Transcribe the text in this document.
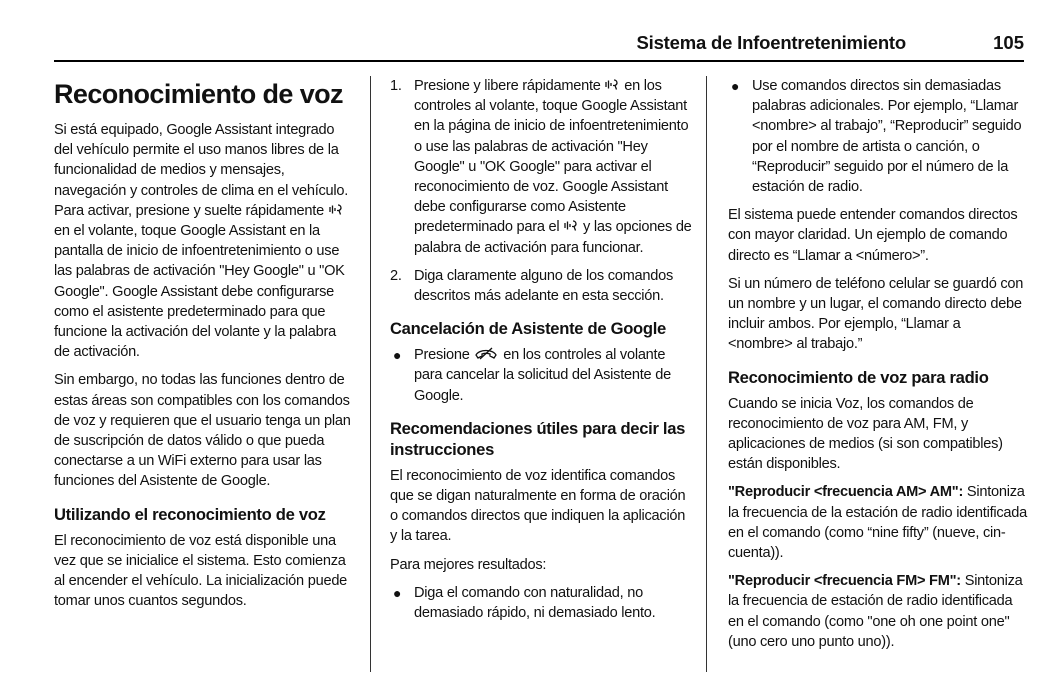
Sistema de Infoentretenimiento	105
Reconocimiento de voz

Si está equipado, Google Assistant integrado del vehículo permite el uso manos libres de la funcionalidad de medios y mensajes, navegación y controles de clima en el vehículo. Para activar, presione y suelte rápidamente  en el volante, toque Google Assistant en la pantalla de inicio de infoentretenimiento o use las palabras de activación "Hey Google" u "OK Google". Google Assistant debe configurarse como el asistente predeterminado para que funcione la activación del volante y la palabra de activación.

Sin embargo, no todas las funciones dentro de estas áreas son compatibles con los comandos de voz y requieren que el usuario tenga un plan de suscripción de datos válido o que pueda conectarse a un WiFi externo para usar las funciones del Asistente de Google.

Utilizando el reconocimiento de voz

El reconocimiento de voz está disponible una vez que se inicialice el sistema. Esto comienza al encender el vehículo. La inicialización puede tomar unos cuantos segundos.

1. Presione y libere rápidamente en los controles al volante, toque Google Assistant en la página de inicio de infoentretenimiento o use las palabras de activación "Hey Google" u "OK Google" para activar el reconocimiento de voz. Google Assistant debe configurarse como Asistente predeterminado para el y las opciones de palabra de activación para funcionar.
2. Diga claramente alguno de los comandos descritos más adelante en esta sección.
Cancelación de Asistente de Google
● Presione en los controles al volante para cancelar la solicitud del Asistente de Google.
Recomendaciones útiles para decir las instrucciones

El reconocimiento de voz identifica comandos que se digan naturalmente en forma de oración o comandos directos que indiquen la aplicación y la tarea.

Para mejores resultados:

● Diga el comando con naturalidad, no demasiado rápido, ni demasiado lento.
● Use comandos directos sin demasiadas palabras adicionales. Por ejemplo, “Llamar <nombre> al trabajo”, “Reproducir” seguido por el nombre de artista o canción, o “Reproducir” seguido por el número de la estación de radio.

El sistema puede entender comandos directos con mayor claridad. Un ejemplo de comando directo es “Llamar a <número>”.

Si un número de teléfono celular se guardó con un nombre y un lugar, el comando directo debe incluir ambos. Por ejemplo, “Llamar a <nombre> al trabajo.”

Reconocimiento de voz para radio

Cuando se inicia Voz, los comandos de reconocimiento de voz para AM, FM, y aplicaciones de medios (si son compatibles) están disponibles.

"Reproducir <frecuencia AM> AM": Sintoniza la frecuencia de la estación de radio identificada en el comando (como “nine fifty” (nueve, cin- cuenta)).

"Reproducir <frecuencia FM> FM": Sintoniza la frecuencia de estación de radio identificada en el comando (como "one oh one point one" (uno cero uno punto uno)).
